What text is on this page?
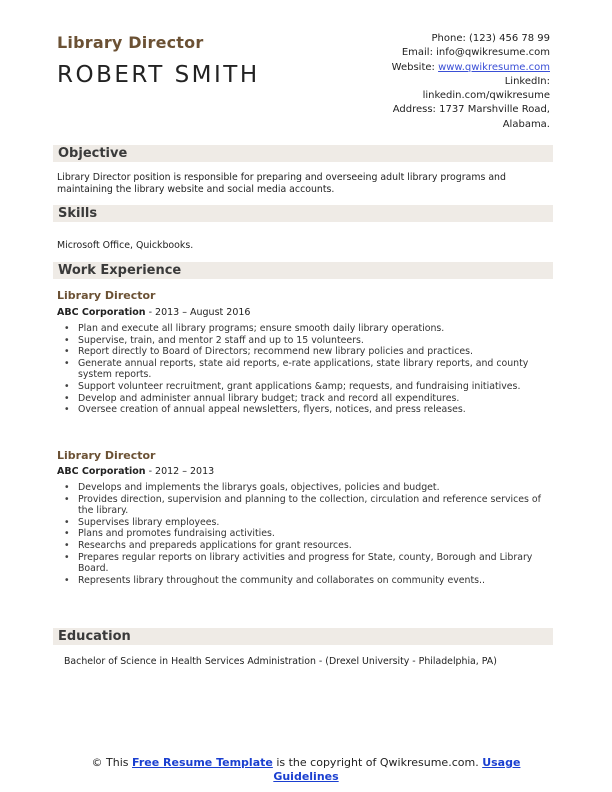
Library Director
ROBERT SMITH
Phone: (123) 456 78 99
Email: info@qwikresume.com
Website: www.qwikresume.com
LinkedIn:
linkedin.com/qwikresume
Address: 1737 Marshville Road,
Alabama.
Objective
Library Director position is responsible for preparing and overseeing adult library programs and maintaining the library website and social media accounts.
Skills
Microsoft Office, Quickbooks.
Work Experience
Library Director
ABC Corporation - 2013 – August 2016
• Plan and execute all library programs; ensure smooth daily library operations.
• Supervise, train, and mentor 2 staff and up to 15 volunteers.
• Report directly to Board of Directors; recommend new library policies and practices.
• Generate annual reports, state aid reports, e-rate applications, state library reports, and county system reports.
• Support volunteer recruitment, grant applications &amp; requests, and fundraising initiatives.
• Develop and administer annual library budget; track and record all expenditures.
• Oversee creation of annual appeal newsletters, flyers, notices, and press releases.
Library Director
ABC Corporation - 2012 – 2013
• Develops and implements the librarys goals, objectives, policies and budget.
• Provides direction, supervision and planning to the collection, circulation and reference services of the library.
• Supervises library employees.
• Plans and promotes fundraising activities.
• Researchs and prepareds applications for grant resources.
• Prepares regular reports on library activities and progress for State, county, Borough and Library Board.
• Represents library throughout the community and collaborates on community events..
Education
Bachelor of Science in Health Services Administration - (Drexel University - Philadelphia, PA)
© This Free Resume Template is the copyright of Qwikresume.com. Usage
Guidelines
